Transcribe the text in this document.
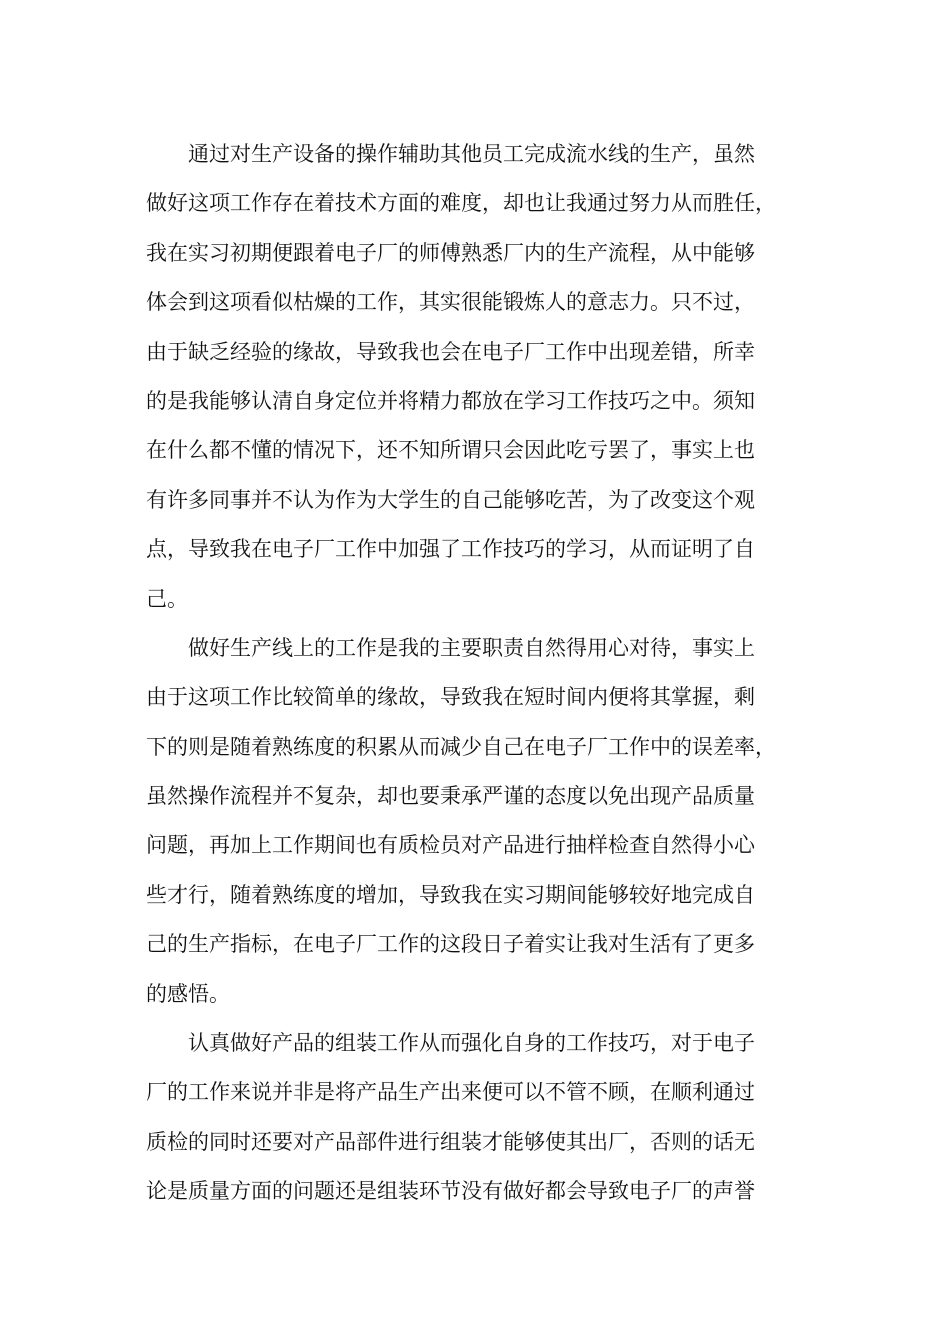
通过对生产设备的操作辅助其他员工完成流水线的生产，虽然
做好这项工作存在着技术方面的难度，却也让我通过努力从而胜任，
我在实习初期便跟着电子厂的师傅熟悉厂内的生产流程，从中能够
体会到这项看似枯燥的工作，其实很能锻炼人的意志力。只不过，
由于缺乏经验的缘故，导致我也会在电子厂工作中出现差错，所幸
的是我能够认清自身定位并将精力都放在学习工作技巧之中。须知
在什么都不懂的情况下，还不知所谓只会因此吃亏罢了，事实上也
有许多同事并不认为作为大学生的自己能够吃苦，为了改变这个观
点，导致我在电子厂工作中加强了工作技巧的学习，从而证明了自
己。

做好生产线上的工作是我的主要职责自然得用心对待，事实上
由于这项工作比较简单的缘故，导致我在短时间内便将其掌握，剩
下的则是随着熟练度的积累从而减少自己在电子厂工作中的误差率，
虽然操作流程并不复杂，却也要秉承严谨的态度以免出现产品质量
问题，再加上工作期间也有质检员对产品进行抽样检查自然得小心
些才行，随着熟练度的增加，导致我在实习期间能够较好地完成自
己的生产指标，在电子厂工作的这段日子着实让我对生活有了更多
的感悟。

认真做好产品的组装工作从而强化自身的工作技巧，对于电子
厂的工作来说并非是将产品生产出来便可以不管不顾，在顺利通过
质检的同时还要对产品部件进行组装才能够使其出厂，否则的话无
论是质量方面的问题还是组装环节没有做好都会导致电子厂的声誉
